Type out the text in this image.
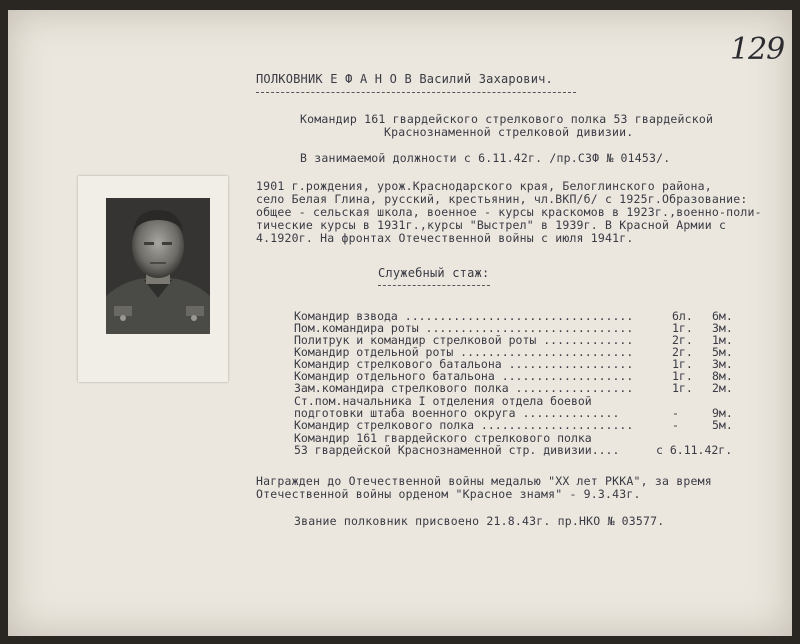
129
ПОЛКОВНИК Е Ф А Н О В Василий Захарович.
Командир 161 гвардейского стрелкового полка 53 гвардейской
Краснознаменной стрелковой дивизии.
В занимаемой должности с 6.11.42г. /пр.СЗФ № 01453/.
1901 г.рождения, урож.Краснодарского края, Белоглинского района,
село Белая Глина, русский, крестьянин, чл.ВКП/б/ с 1925г.Образование:
общее - сельская школа, военное - курсы краскомов в 1923г.,военно-поли-
тические курсы в 1931г.,курсы "Выстрел" в 1939г. В Красной Армии с
4.1920г. На фронтах Отечественной войны с июля 1941г.
Служебный стаж:
Командир взвода .................................	6л. 6м.
Пом.командира роты ..............................	1г. 3м.
Политрук и командир стрелковой роты .............	2г. 1м.
Командир отдельной роты .........................	2г. 5м.
Командир стрелкового батальона ..................	1г. 3м.
Командир отдельного батальона ...................	1г. 8м.
Зам.командира стрелкового полка .................	1г. 2м.
Ст.пом.начальника I отделения отдела боевой
подготовки штаба военного округа ..............	-	9м.
Командир стрелкового полка ......................	-	5м.
Командир 161 гвардейского стрелкового полка
53 гвардейской Краснознаменной стр. дивизии....	с 6.11.42г.
Награжден до Отечественной войны медалью "XX лет РККА", за время
Отечественной войны орденом "Красное знамя" - 9.3.43г.
Звание полковник присвоено 21.8.43г. пр.НКО № 03577.
